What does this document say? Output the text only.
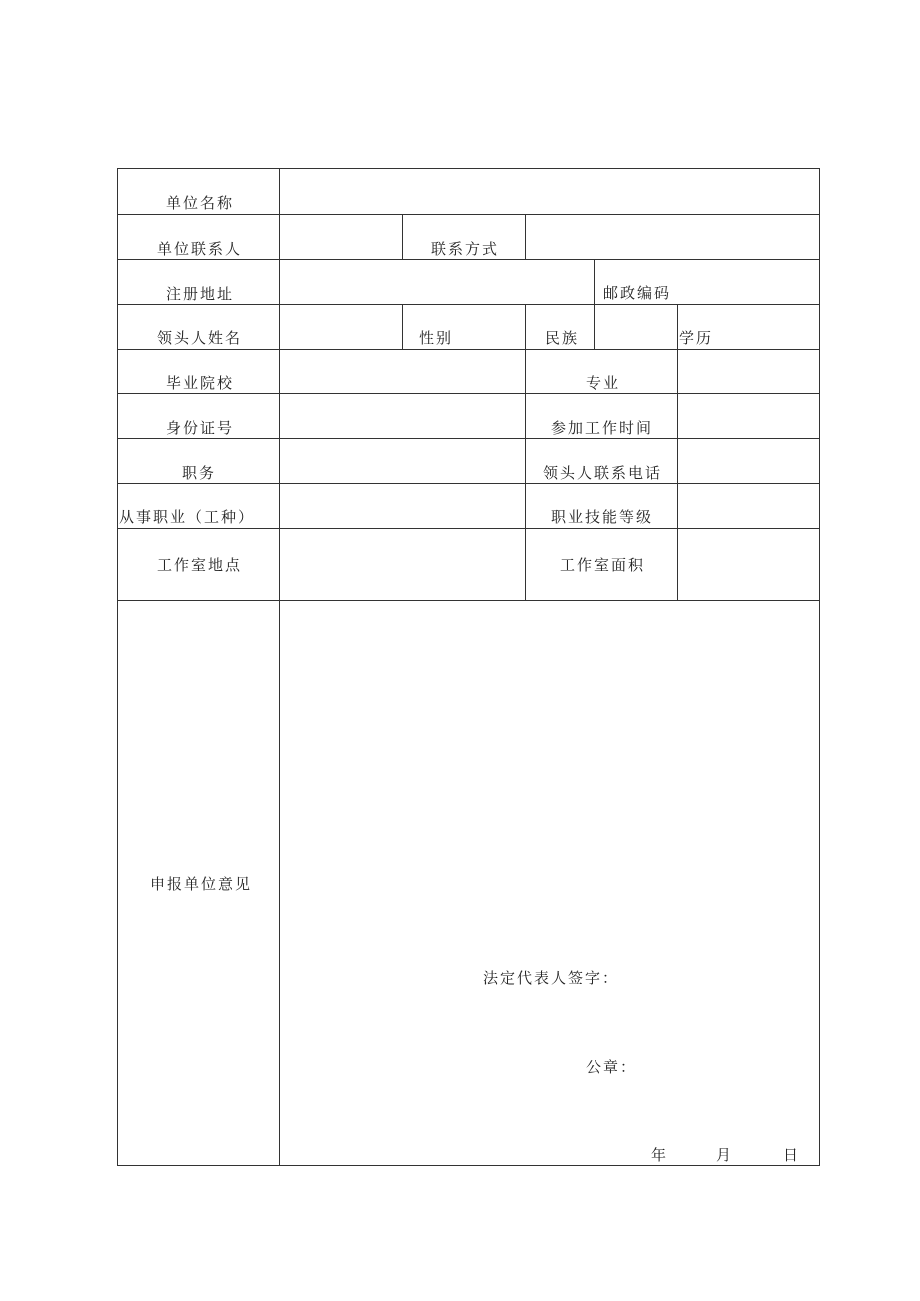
单位名称
单位联系人	联系方式
注册地址	邮政编码
领头人姓名	性别	民族	学历
毕业院校	专业
身份证号	参加工作时间
职务	领头人联系电话
从事职业（工种）	职业技能等级
工作室地点	工作室面积
申报单位意见
法定代表人签字：
公章：
年	月	日
